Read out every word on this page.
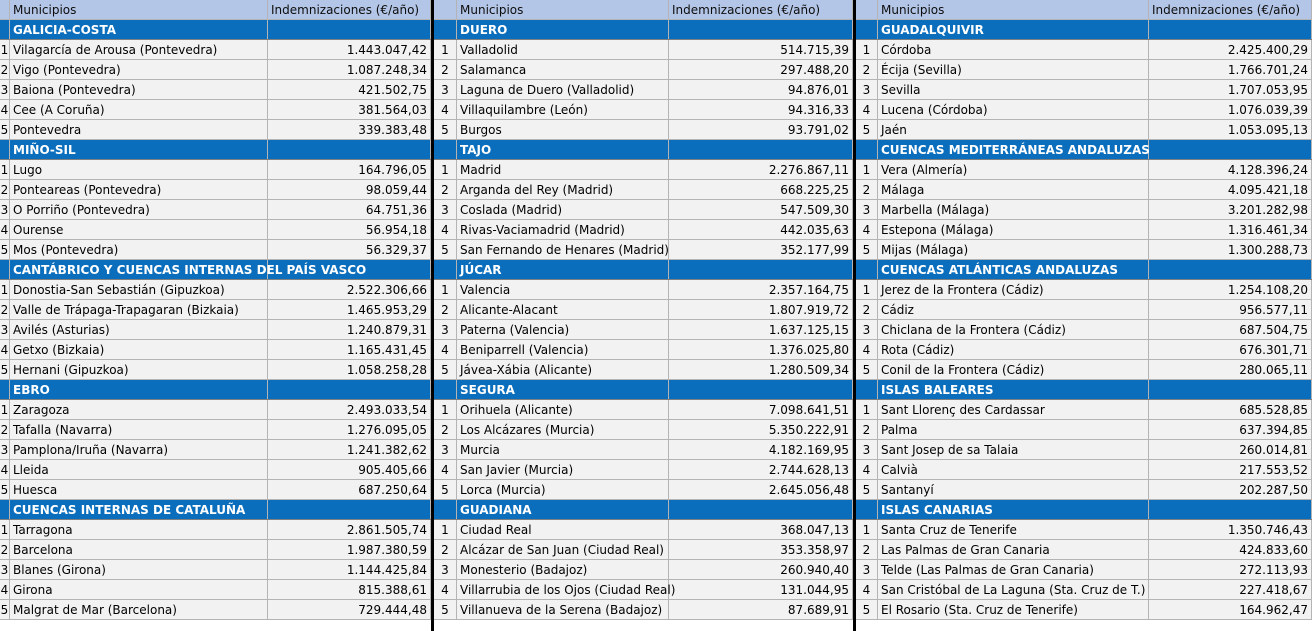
Municipios	Indemnizaciones (€/año)
GALICIA-COSTA
1 Vilagarcía de Arousa (Pontevedra)	1.443.047,42
2 Vigo (Pontevedra)	1.087.248,34
3 Baiona (Pontevedra)	421.502,75
4 Cee (A Coruña)	381.564,03
5 Pontevedra	339.383,48
MIÑO-SIL
1 Lugo	164.796,05
2 Ponteareas (Pontevedra)	98.059,44
3 O Porriño (Pontevedra)	64.751,36
4 Ourense	56.954,18
5 Mos (Pontevedra)	56.329,37
CANTÁBRICO Y CUENCAS INTERNAS DEL PAÍS VASCO
1 Donostia-San Sebastián (Gipuzkoa)	2.522.306,66
2 Valle de Trápaga-Trapagaran (Bizkaia)	1.465.953,29
3 Avilés (Asturias)	1.240.879,31
4 Getxo (Bizkaia)	1.165.431,45
5 Hernani (Gipuzkoa)	1.058.258,28
EBRO
1 Zaragoza	2.493.033,54
2 Tafalla (Navarra)	1.276.095,05
3 Pamplona/Iruña (Navarra)	1.241.382,62
4 Lleida	905.405,66
5 Huesca	687.250,64
CUENCAS INTERNAS DE CATALUÑA
1 Tarragona	2.861.505,74
2 Barcelona	1.987.380,59
3 Blanes (Girona)	1.144.425,84
4 Girona	815.388,61
5 Malgrat de Mar (Barcelona)	729.444,48
Municipios	Indemnizaciones (€/año)
DUERO
1 Valladolid	514.715,39
2 Salamanca	297.488,20
3 Laguna de Duero (Valladolid)	94.876,01
4 Villaquilambre (León)	94.316,33
5 Burgos	93.791,02
TAJO
1 Madrid	2.276.867,11
2 Arganda del Rey (Madrid)	668.225,25
3 Coslada (Madrid)	547.509,30
4 Rivas-Vaciamadrid (Madrid)	442.035,63
5 San Fernando de Henares (Madrid)	352.177,99
JÚCAR
1 Valencia	2.357.164,75
2 Alicante-Alacant	1.807.919,72
3 Paterna (Valencia)	1.637.125,15
4 Beniparrell (Valencia)	1.376.025,80
5 Jávea-Xábia (Alicante)	1.280.509,34
SEGURA
1 Orihuela (Alicante)	7.098.641,51
2 Los Alcázares (Murcia)	5.350.222,91
3 Murcia	4.182.169,95
4 San Javier (Murcia)	2.744.628,13
5 Lorca (Murcia)	2.645.056,48
GUADIANA
1 Ciudad Real	368.047,13
2 Alcázar de San Juan (Ciudad Real)	353.358,97
3 Monesterio (Badajoz)	260.940,40
4 Villarrubia de los Ojos (Ciudad Real)	131.044,95
5 Villanueva de la Serena (Badajoz)	87.689,91
Municipios	Indemnizaciones (€/año)
GUADALQUIVIR
1 Córdoba	2.425.400,29
2 Écija (Sevilla)	1.766.701,24
3 Sevilla	1.707.053,95
4 Lucena (Córdoba)	1.076.039,39
5 Jaén	1.053.095,13
CUENCAS MEDITERRÁNEAS ANDALUZAS
1 Vera (Almería)	4.128.396,24
2 Málaga	4.095.421,18
3 Marbella (Málaga)	3.201.282,98
4 Estepona (Málaga)	1.316.461,34
5 Mijas (Málaga)	1.300.288,73
CUENCAS ATLÁNTICAS ANDALUZAS
1 Jerez de la Frontera (Cádiz)	1.254.108,20
2 Cádiz	956.577,11
3 Chiclana de la Frontera (Cádiz)	687.504,75
4 Rota (Cádiz)	676.301,71
5 Conil de la Frontera (Cádiz)	280.065,11
ISLAS BALEARES
1 Sant Llorenç des Cardassar	685.528,85
2 Palma	637.394,85
3 Sant Josep de sa Talaia	260.014,81
4 Calvià	217.553,52
5 Santanyí	202.287,50
ISLAS CANARIAS
1 Santa Cruz de Tenerife	1.350.746,43
2 Las Palmas de Gran Canaria	424.833,60
3 Telde (Las Palmas de Gran Canaria)	272.113,93
4 San Cristóbal de La Laguna (Sta. Cruz de T.)	227.418,67
5 El Rosario (Sta. Cruz de Tenerife)	164.962,47
